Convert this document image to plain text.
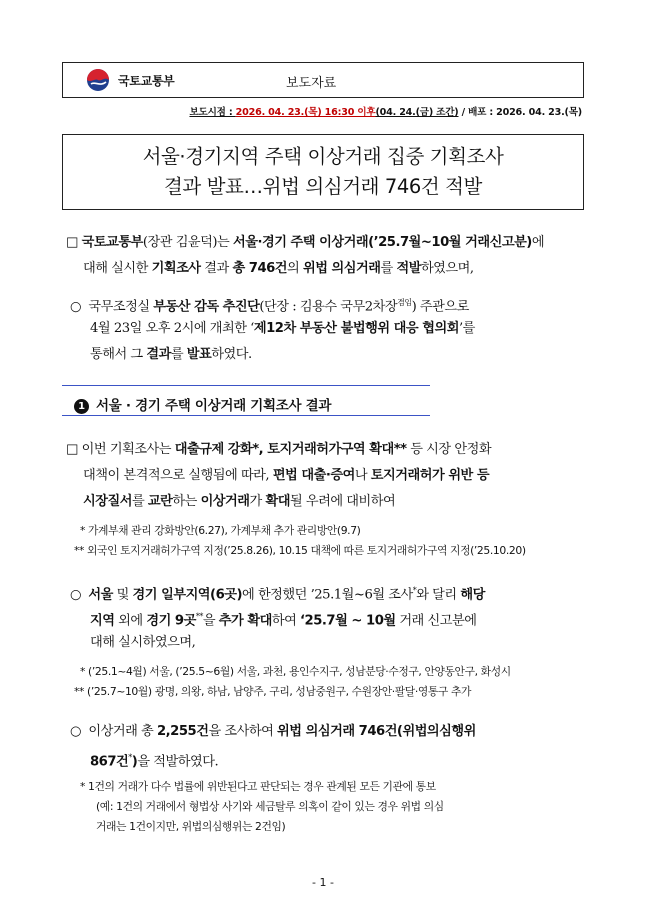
국토교통부	보도자료
보도시점 : 2026. 04. 23.(목) 16:30 이후(04. 24.(금) 조간) / 배포 : 2026. 04. 23.(목)
서울·경기지역 주택 이상거래 집중 기획조사
결과 발표…위법 의심거래 746건 적발
□ 국토교통부(장관 김윤덕)는 서울·경기 주택 이상거래(’25.7월~10월 거래신고분)에
대해 실시한 기획조사 결과 총 746건의 위법 의심거래를 적발하였으며,
○ 국무조정실 부동산 감독 추진단(단장 : 김용수 국무2차장$^{겸임}$) 주관으로
4월 23일 오후 2시에 개최한 ‘제12차 부동산 불법행위 대응 협의회’를
통해서 그 결과를 발표하였다.
1 서울 · 경기 주택 이상거래 기획조사 결과
□ 이번 기획조사는 대출규제 강화*, 토지거래허가구역 확대** 등 시장 안정화
대책이 본격적으로 실행됨에 따라, 편법 대출·증여나 토지거래허가 위반 등
시장질서를 교란하는 이상거래가 확대될 우려에 대비하여
* 가계부채 관리 강화방안(6.27), 가계부채 추가 관리방안(9.7)
** 외국인 토지거래허가구역 지정(’25.8.26), 10.15 대책에 따른 토지거래허가구역 지정(’25.10.20)
○ 서울 및 경기 일부지역(6곳)에 한정했던 ’25.1월~6월 조사*와 달리 해당
지역 외에 경기 9곳**을 추가 확대하여 ‘25.7월 ~ 10월 거래 신고분에
대해 실시하였으며,
* (’25.1~4월) 서울, (’25.5~6월) 서울, 과천, 용인수지구, 성남분당·수정구, 안양동안구, 화성시
** (’25.7~10월) 광명, 의왕, 하남, 남양주, 구리, 성남중원구, 수원장안·팔달·영통구 추가
○ 이상거래 총 2,255건을 조사하여 위법 의심거래 746건(위법의심행위
867건*)을 적발하였다.
* 1건의 거래가 다수 법률에 위반된다고 판단되는 경우 관계된 모든 기관에 통보
(예: 1건의 거래에서 형법상 사기와 세금탈루 의혹이 같이 있는 경우 위법 의심
거래는 1건이지만, 위법의심행위는 2건임)
- 1 -
